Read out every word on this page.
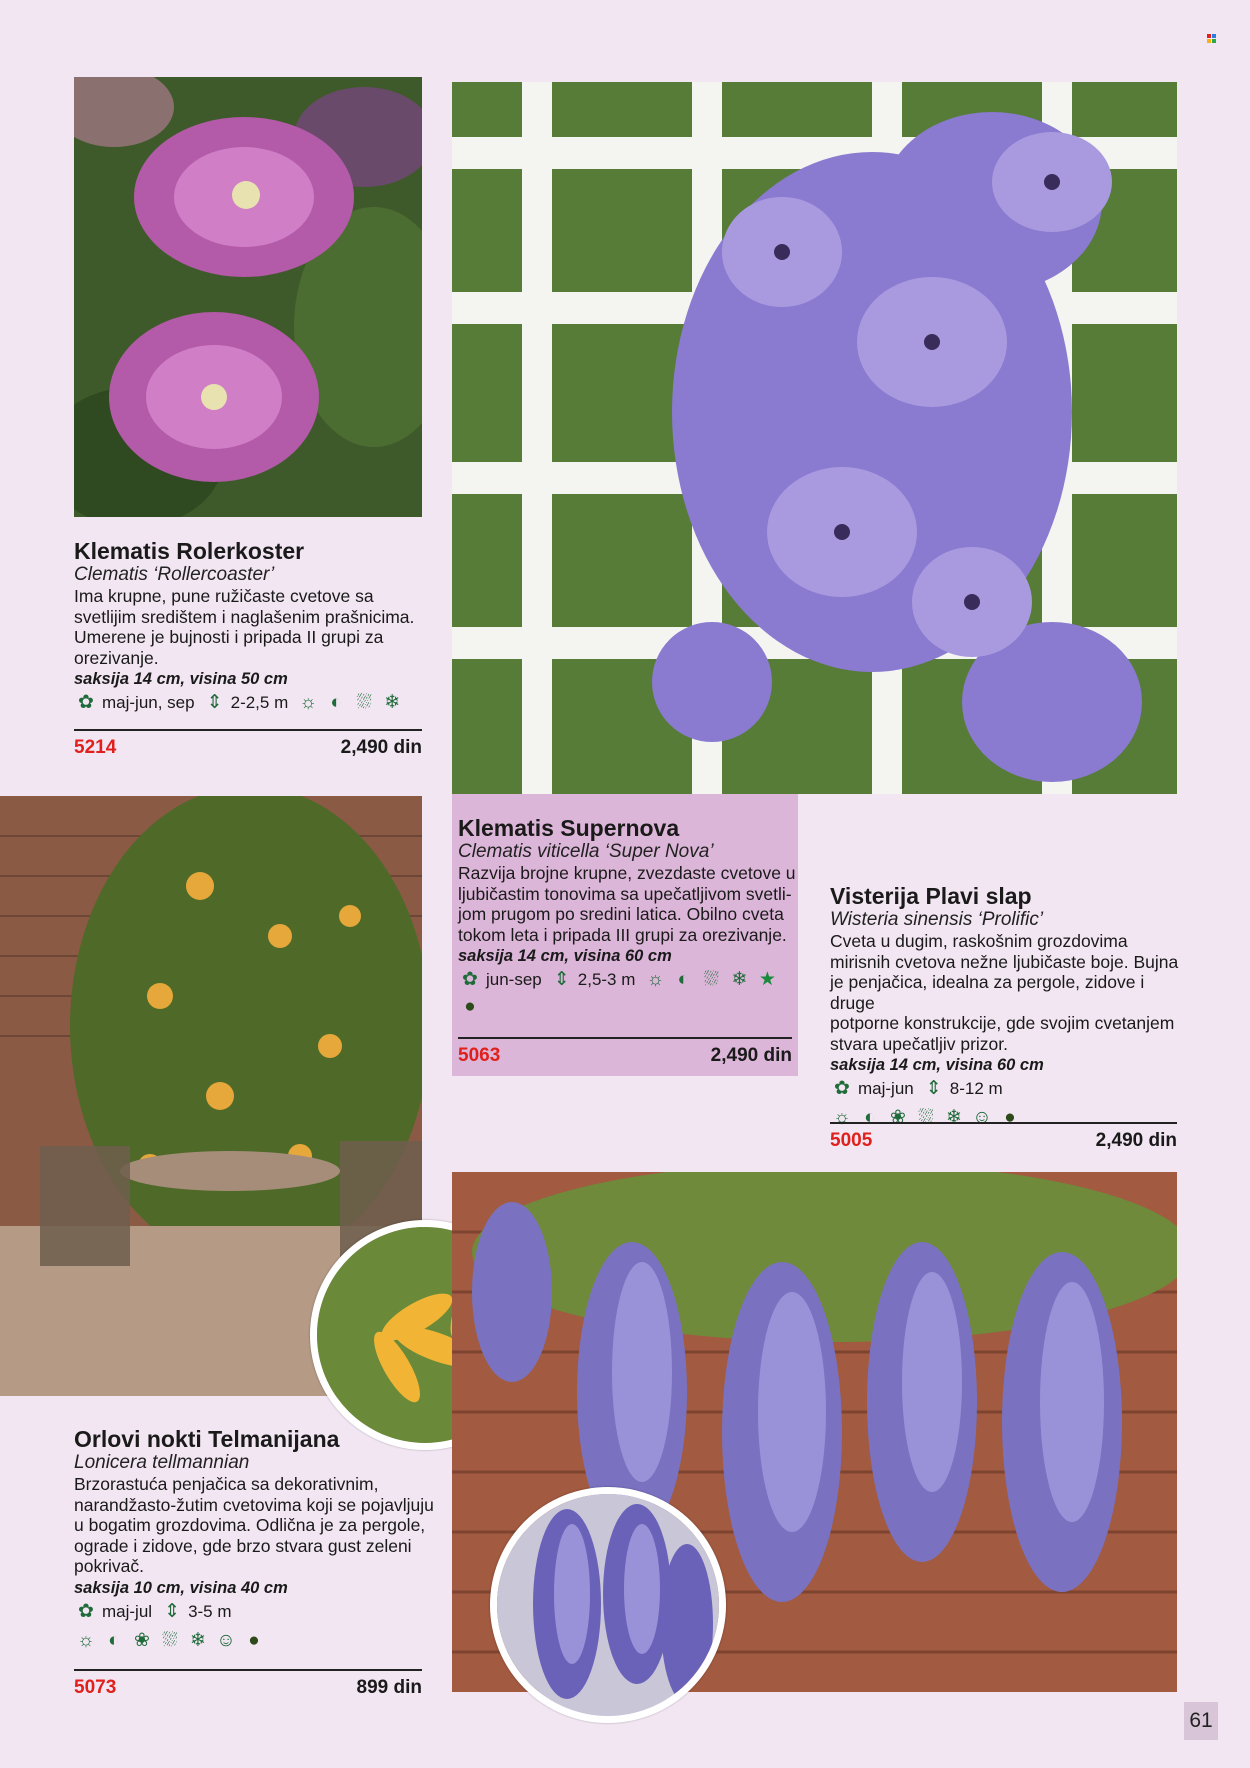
Klematis Rolerkoster
Clematis ‘Rollercoaster’
Ima krupne, pune ružičaste cvetove sa
svetlijim središtem i naglašenim prašnicima.
Umerene je bujnosti i pripada II grupi za
orezivanje.
saksija 14 cm, visina 50 cm
✿ maj-jun, sep ⇕ 2-2,5 m ☼ ◐ ⛆ ❄
5214	2,490 din
Klematis Supernova
Clematis viticella ‘Super Nova’
Razvija brojne krupne, zvezdaste cvetove u
ljubičastim tonovima sa upečatljivom svetli-
jom prugom po sredini latica. Obilno cveta
tokom leta i pripada III grupi za orezivanje.
saksija 14 cm, visina 60 cm
✿ jun-sep ⇕ 2,5-3 m ☼ ◐ ⛆ ❄ ★
●
5063	2,490 din
Visterija Plavi slap
Wisteria sinensis ‘Prolific’
Cveta u dugim, raskošnim grozdovima
mirisnih cvetova nežne ljubičaste boje. Bujna
je penjačica, idealna za pergole, zidove i druge
potporne konstrukcije, gde svojim cvetanjem
stvara upečatljiv prizor.
saksija 14 cm, visina 60 cm
✿ maj-jun ⇕ 8-12 m
☼ ◐ ❀ ⛆ ❄ ☺ ●
5005	2,490 din
Orlovi nokti Telmanijana
Lonicera tellmannian
Brzorastuća penjačica sa dekorativnim,
narandžasto-žutim cvetovima koji se pojavljuju
u bogatim grozdovima. Odlična je za pergole,
ograde i zidove, gde brzo stvara gust zeleni
pokrivač.
saksija 10 cm, visina 40 cm
✿ maj-jul ⇕ 3-5 m
☼ ◐ ❀ ⛆ ❄ ☺ ●
5073	899 din
61
